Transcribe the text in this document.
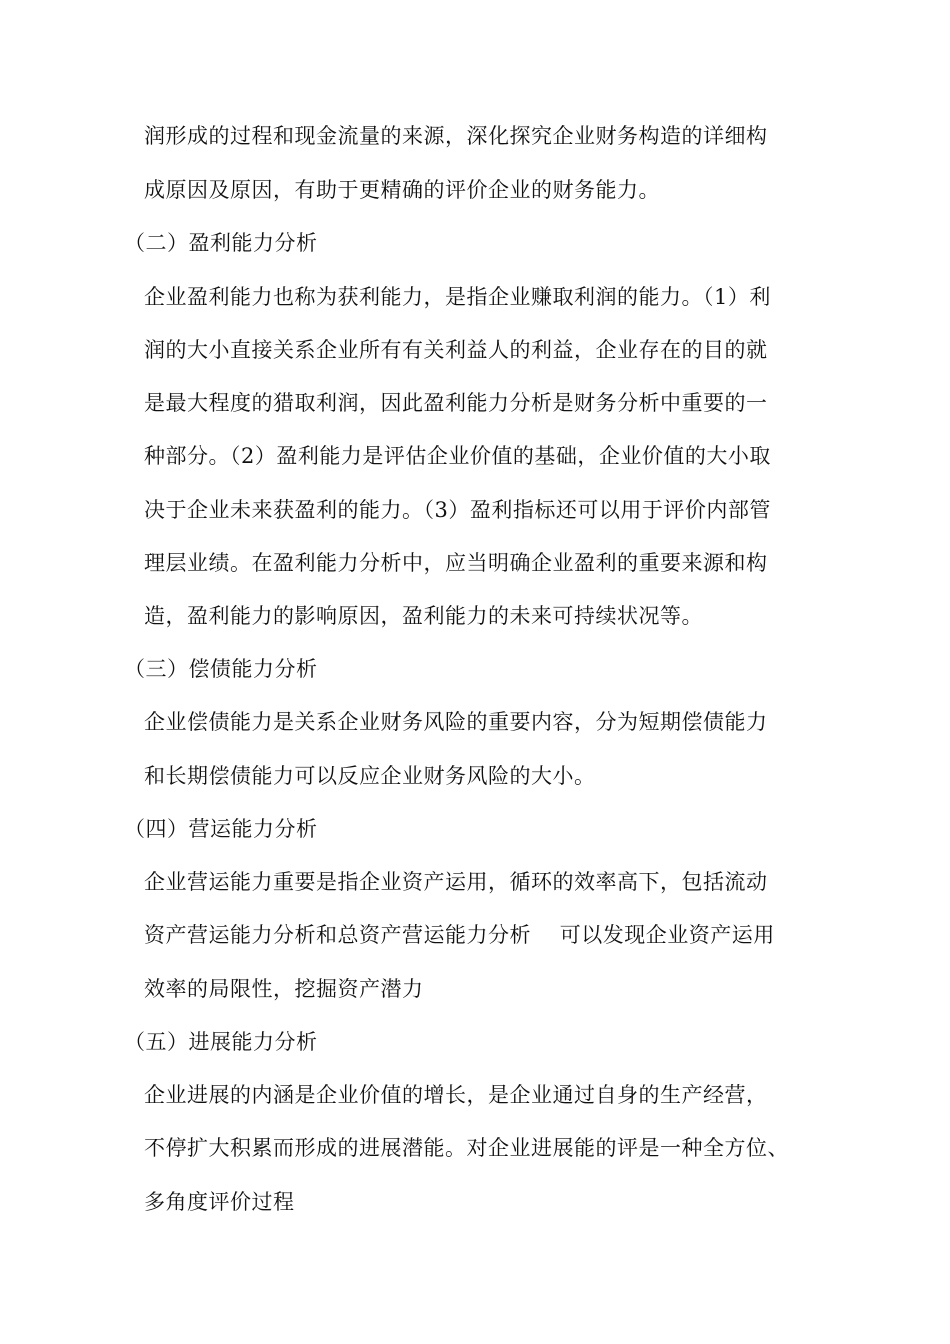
润形成的过程和现金流量的来源，深化探究企业财务构造的详细构
成原因及原因，有助于更精确的评价企业的财务能力。
（二）盈利能力分析
企业盈利能力也称为获利能力，是指企业赚取利润的能力。（1）利
润的大小直接关系企业所有有关利益人的利益，企业存在的目的就
是最大程度的猎取利润，因此盈利能力分析是财务分析中重要的一
种部分。（2）盈利能力是评估企业价值的基础，企业价值的大小取
决于企业未来获盈利的能力。（3）盈利指标还可以用于评价内部管
理层业绩。在盈利能力分析中，应当明确企业盈利的重要来源和构
造，盈利能力的影响原因，盈利能力的未来可持续状况等。
（三）偿债能力分析
企业偿债能力是关系企业财务风险的重要内容，分为短期偿债能力
和长期偿债能力可以反应企业财务风险的大小。
（四）营运能力分析
企业营运能力重要是指企业资产运用，循环的效率高下，包括流动
资产营运能力分析和总资产营运能力分析    可以发现企业资产运用
效率的局限性，挖掘资产潜力
（五）进展能力分析
企业进展的内涵是企业价值的增长，是企业通过自身的生产经营，
不停扩大积累而形成的进展潜能。对企业进展能的评是一种全方位、
多角度评价过程
